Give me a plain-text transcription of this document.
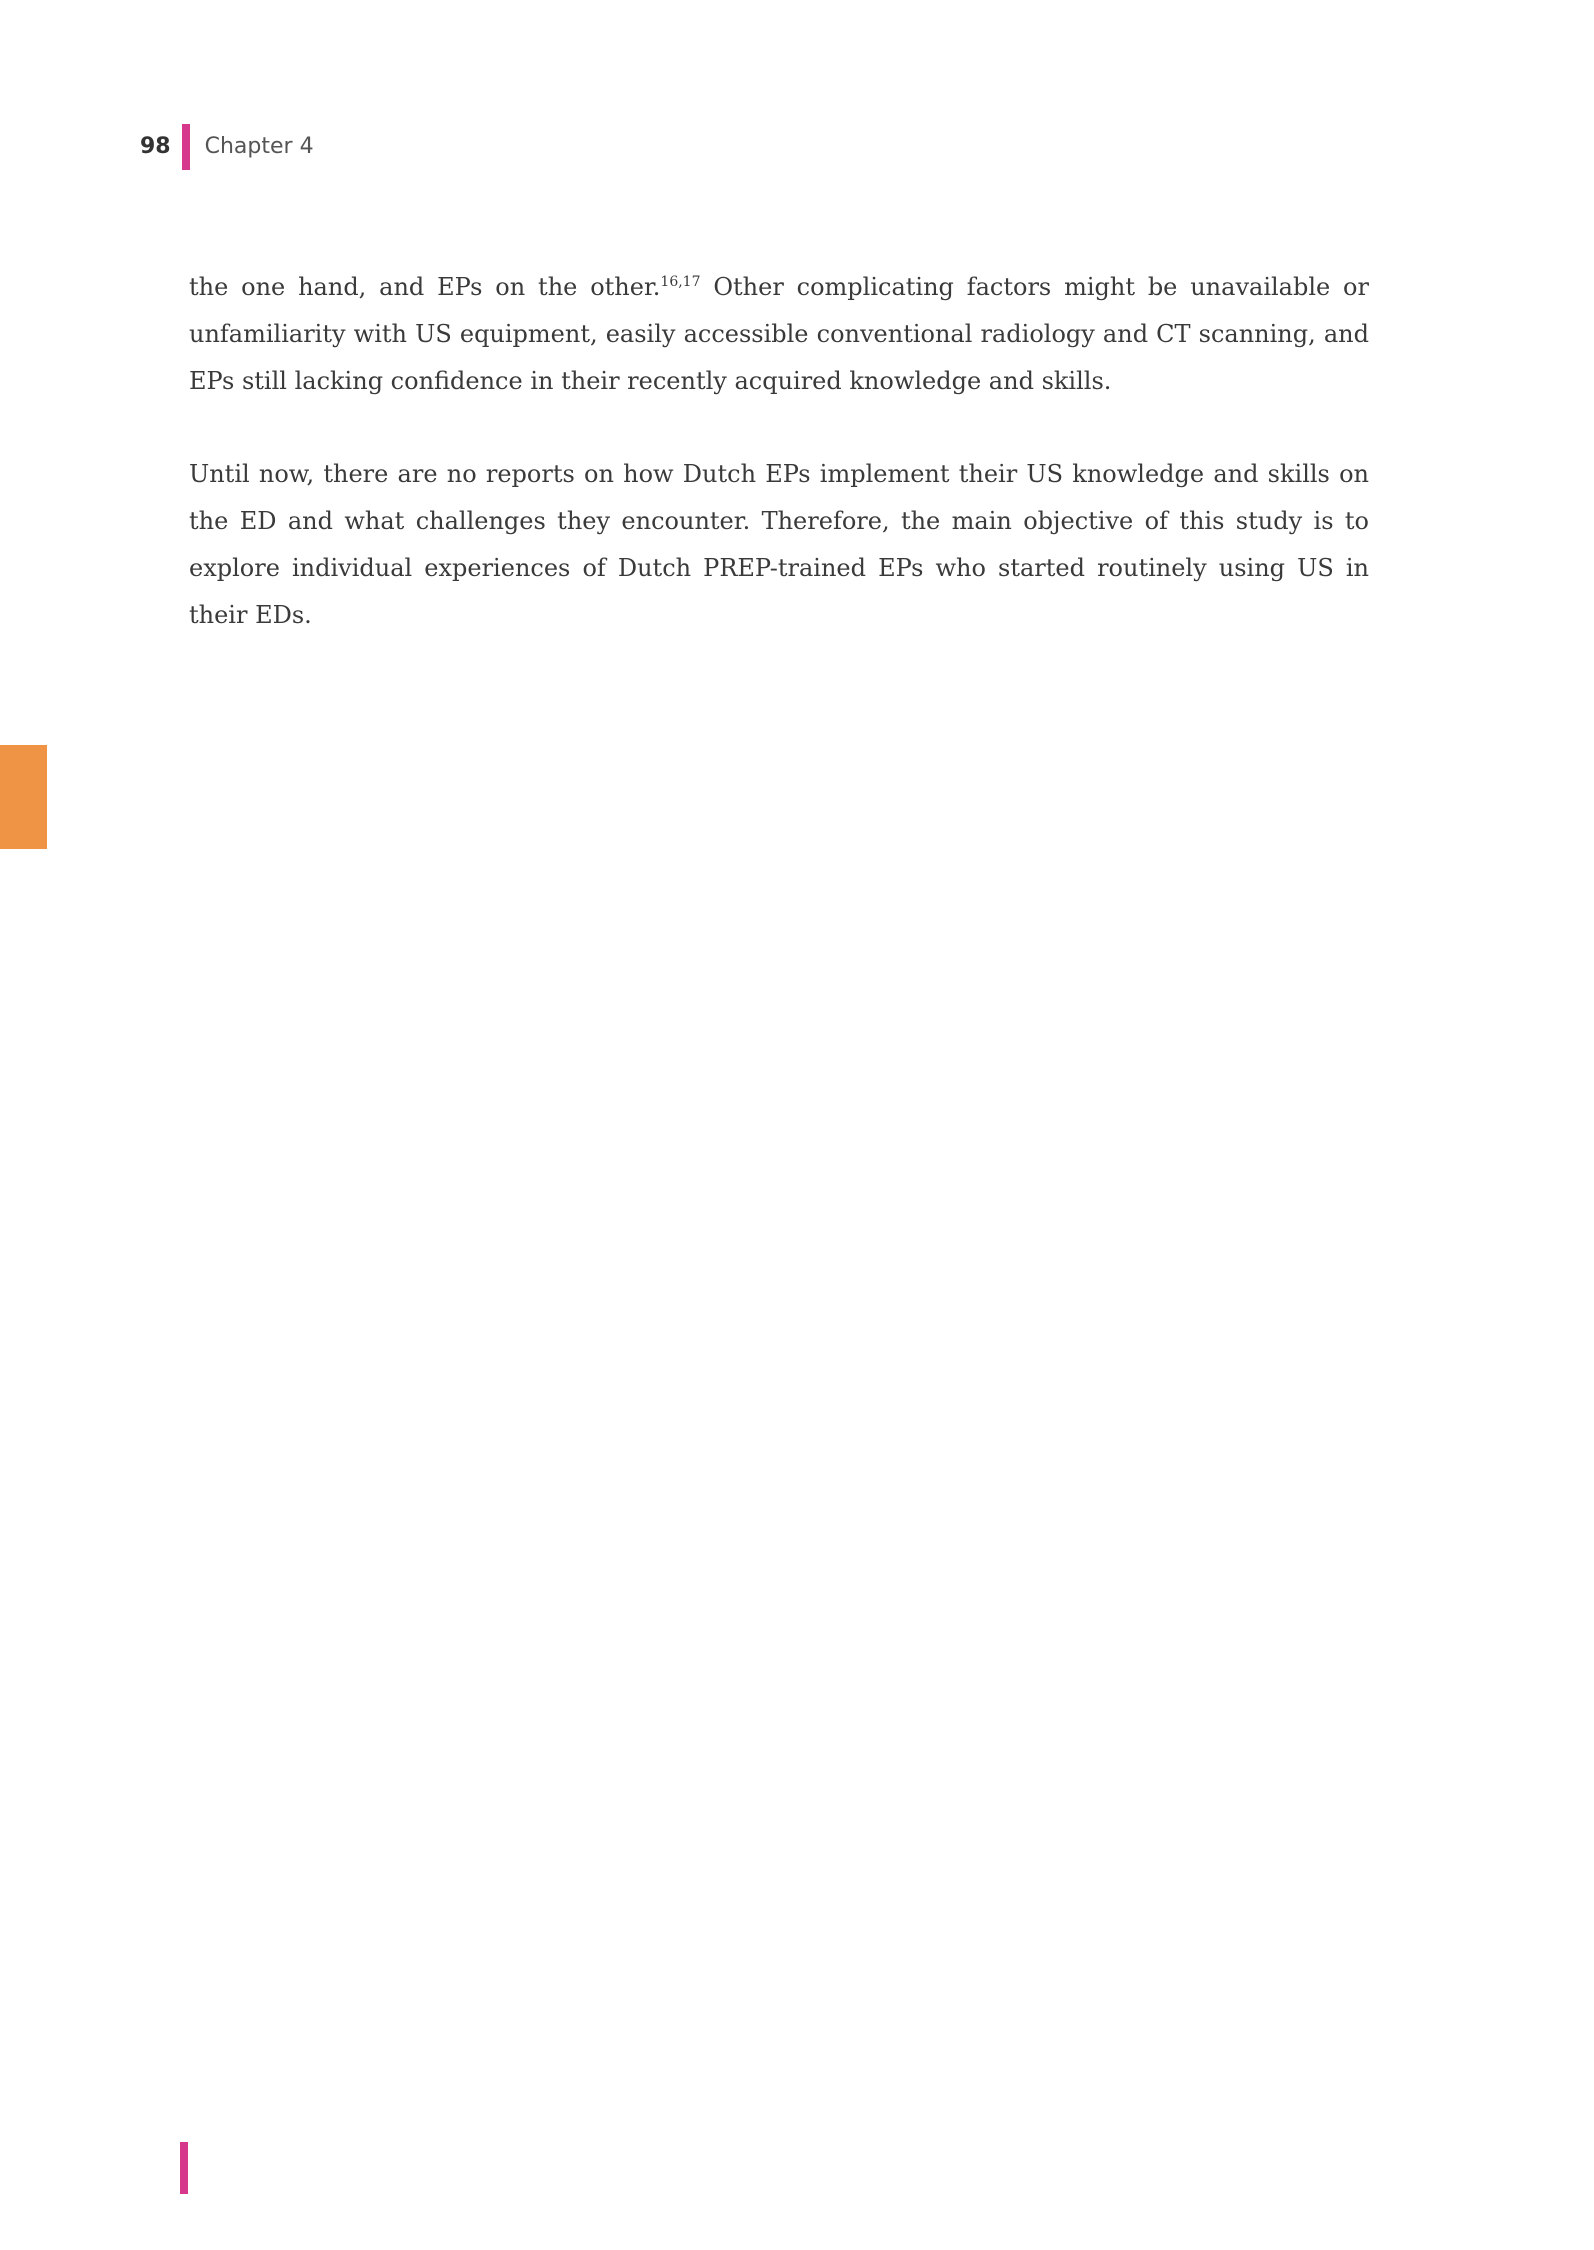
98 Chapter 4

the one hand, and EPs on the other.$^{16,17}$ Other complicating factors might be unavailable or unfamiliarity with US equipment, easily accessible conventional radiology and CT scanning, and EPs still lacking confidence in their recently acquired knowledge and skills.

Until now, there are no reports on how Dutch EPs implement their US knowledge and skills on the ED and what challenges they encounter. Therefore, the main objective of this study is to explore individual experiences of Dutch PREP-trained EPs who started routinely using US in their EDs.
